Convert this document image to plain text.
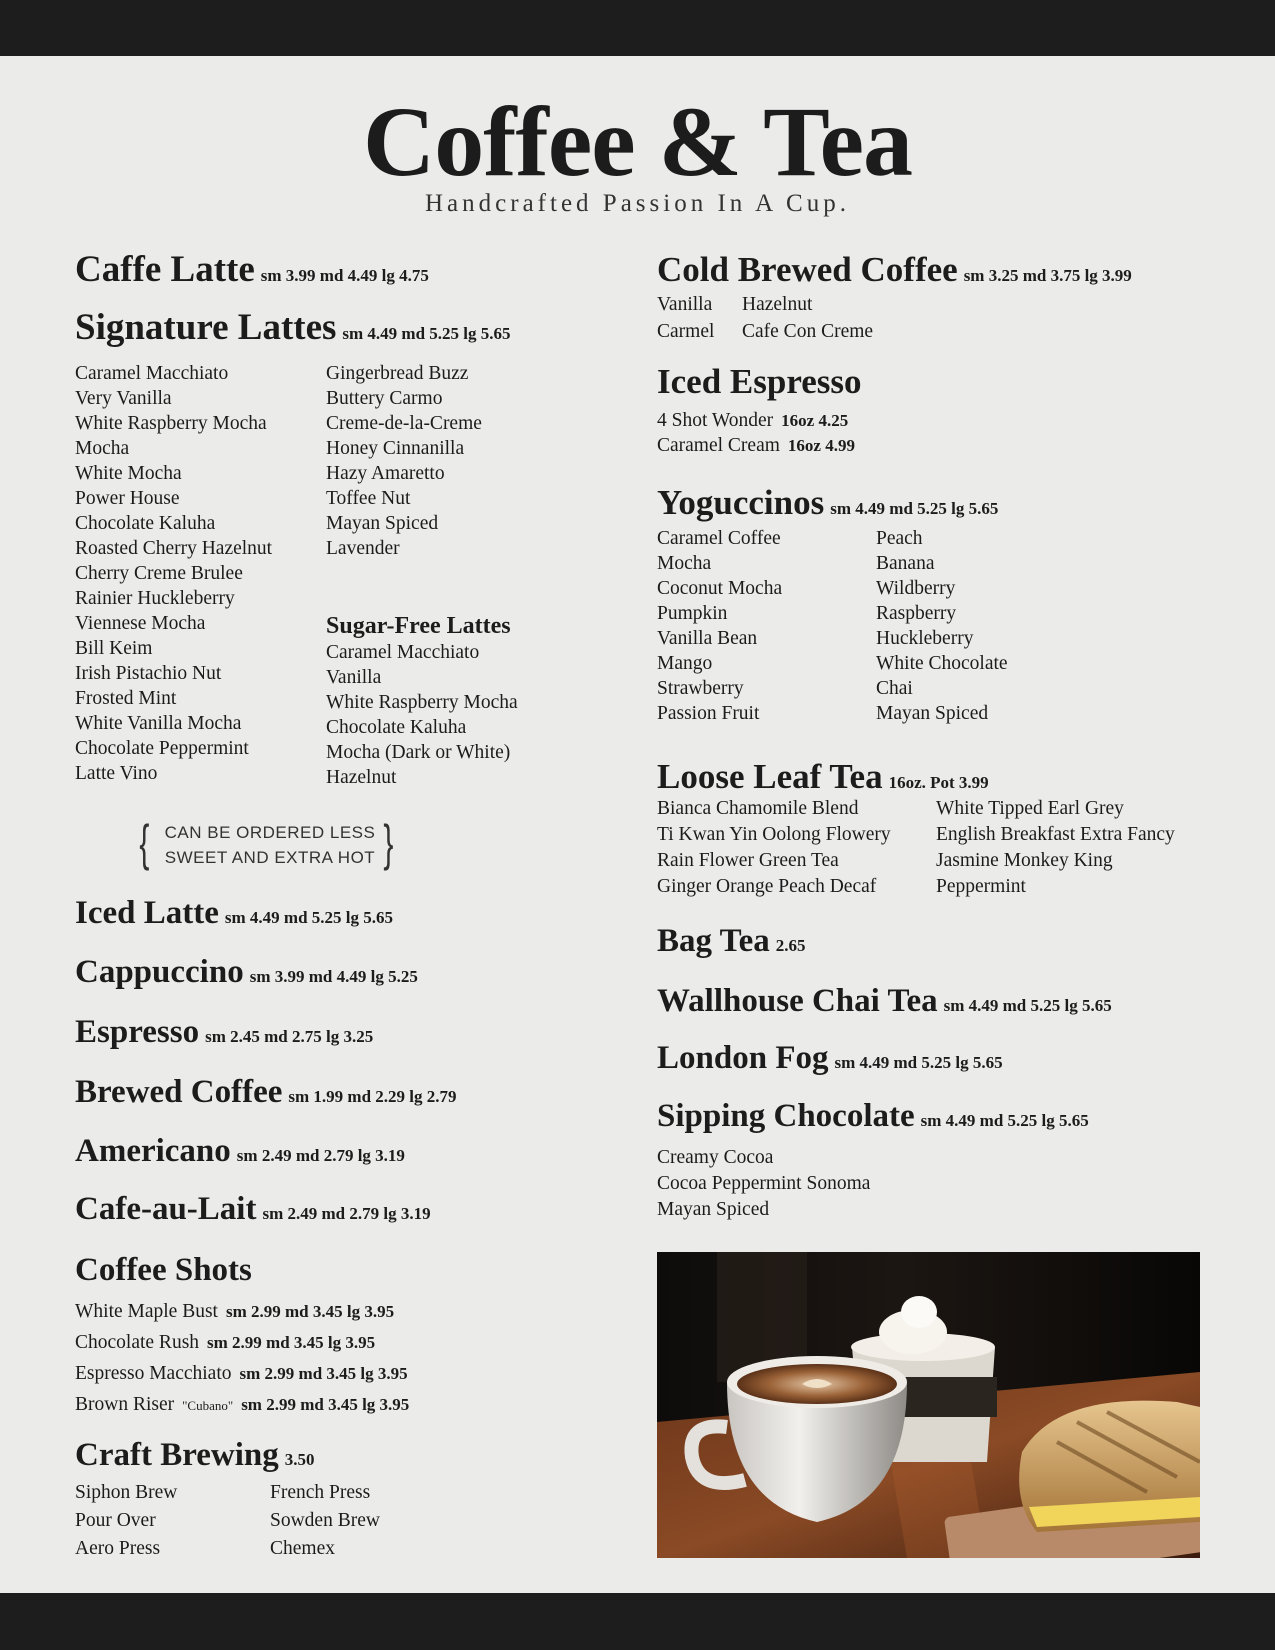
Coffee & Tea
Handcrafted Passion In A Cup.
Caffe Latte sm 3.99 md 4.49 lg 4.75
Signature Lattes sm 4.49 md 5.25 lg 5.65
Caramel Macchiato
Very Vanilla
White Raspberry Mocha
Mocha
White Mocha
Power House
Chocolate Kaluha
Roasted Cherry Hazelnut
Cherry Creme Brulee
Rainier Huckleberry
Viennese Mocha
Bill Keim
Irish Pistachio Nut
Frosted Mint
White Vanilla Mocha
Chocolate Peppermint
Latte Vino
Gingerbread Buzz
Buttery Carmo
Creme-de-la-Creme
Honey Cinnanilla
Hazy Amaretto
Toffee Nut
Mayan Spiced
Lavender
Sugar-Free Lattes
Caramel Macchiato
Vanilla
White Raspberry Mocha
Chocolate Kaluha
Mocha (Dark or White)
Hazelnut
{ CAN BE ORDERED LESS
SWEET AND EXTRA HOT }
Iced Latte sm 4.49 md 5.25 lg 5.65
Cappuccino sm 3.99 md 4.49 lg 5.25
Espresso sm 2.45 md 2.75 lg 3.25
Brewed Coffee sm 1.99 md 2.29 lg 2.79
Americano sm 2.49 md 2.79 lg 3.19
Cafe-au-Lait sm 2.49 md 2.79 lg 3.19
Coffee Shots
White Maple Bust sm 2.99 md 3.45 lg 3.95
Chocolate Rush sm 2.99 md 3.45 lg 3.95
Espresso Macchiato sm 2.99 md 3.45 lg 3.95
Brown Riser "Cubano" sm 2.99 md 3.45 lg 3.95
Craft Brewing 3.50
Siphon Brew
Pour Over
Aero Press
French Press
Sowden Brew
Chemex
Cold Brewed Coffee sm 3.25 md 3.75 lg 3.99
Vanilla
Carmel
Hazelnut
Cafe Con Creme
Iced Espresso
4 Shot Wonder 16oz 4.25
Caramel Cream 16oz 4.99
Yoguccinos sm 4.49 md 5.25 lg 5.65
Caramel Coffee
Mocha
Coconut Mocha
Pumpkin
Vanilla Bean
Mango
Strawberry
Passion Fruit
Peach
Banana
Wildberry
Raspberry
Huckleberry
White Chocolate
Chai
Mayan Spiced
Loose Leaf Tea 16oz. Pot 3.99
Bianca Chamomile Blend
Ti Kwan Yin Oolong Flowery
Rain Flower Green Tea
Ginger Orange Peach Decaf
White Tipped Earl Grey
English Breakfast Extra Fancy
Jasmine Monkey King
Peppermint
Bag Tea 2.65
Wallhouse Chai Tea sm 4.49 md 5.25 lg 5.65
London Fog sm 4.49 md 5.25 lg 5.65
Sipping Chocolate sm 4.49 md 5.25 lg 5.65
Creamy Cocoa
Cocoa Peppermint Sonoma
Mayan Spiced
